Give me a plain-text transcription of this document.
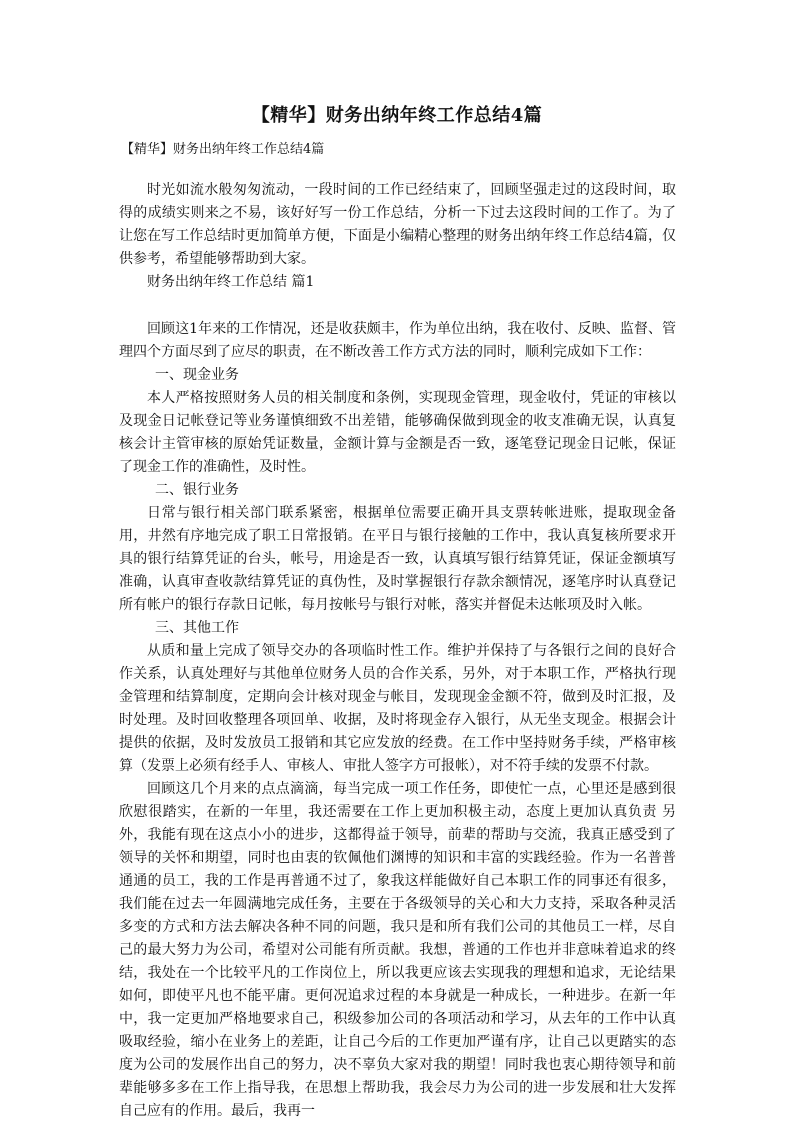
【精华】财务出纳年终工作总结4篇
【精华】财务出纳年终工作总结4篇

时光如流水般匆匆流动，一段时间的工作已经结束了，回顾坚强走过的这段时间，取得的成绩实则来之不易，该好好写一份工作总结，分析一下过去这段时间的工作了。为了让您在写工作总结时更加简单方便，下面是小编精心整理的财务出纳年终工作总结4篇，仅供参考，希望能够帮助到大家。

财务出纳年终工作总结 篇1

回顾这1年来的工作情况，还是收获颇丰，作为单位出纳，我在收付、反映、监督、管理四个方面尽到了应尽的职责，在不断改善工作方式方法的同时，顺利完成如下工作：

一、现金业务

本人严格按照财务人员的相关制度和条例，实现现金管理，现金收付，凭证的审核以及现金日记帐登记等业务谨慎细致不出差错，能够确保做到现金的收支准确无误，认真复核会计主管审核的原始凭证数量，金额计算与金额是否一致，逐笔登记现金日记帐，保证了现金工作的准确性，及时性。

二、银行业务

日常与银行相关部门联系紧密，根据单位需要正确开具支票转帐进账，提取现金备用，井然有序地完成了职工日常报销。在平日与银行接触的工作中，我认真复核所要求开具的银行结算凭证的台头，帐号，用途是否一致，认真填写银行结算凭证，保证金额填写准确，认真审查收款结算凭证的真伪性，及时掌握银行存款余额情况，逐笔序时认真登记所有帐户的银行存款日记帐，每月按帐号与银行对帐，落实并督促未达帐项及时入帐。

三、其他工作

从质和量上完成了领导交办的各项临时性工作。维护并保持了与各银行之间的良好合作关系，认真处理好与其他单位财务人员的合作关系，另外，对于本职工作，严格执行现金管理和结算制度，定期向会计核对现金与帐目，发现现金金额不符，做到及时汇报，及时处理。及时回收整理各项回单、收据，及时将现金存入银行，从无坐支现金。根据会计提供的依据，及时发放员工报销和其它应发放的经费。在工作中坚持财务手续，严格审核算（发票上必须有经手人、审核人、审批人签字方可报帐），对不符手续的发票不付款。

回顾这几个月来的点点滴滴，每当完成一项工作任务，即使忙一点，心里还是感到很欣慰很踏实，在新的一年里，我还需要在工作上更加积极主动，态度上更加认真负责 另外，我能有现在这点小小的进步，这都得益于领导，前辈的帮助与交流，我真正感受到了领导的关怀和期望，同时也由衷的钦佩他们渊博的知识和丰富的实践经验。作为一名普普通通的员工，我的工作是再普通不过了，象我这样能做好自己本职工作的同事还有很多，我们能在过去一年圆满地完成任务，主要在于各级领导的关心和大力支持，采取各种灵活多变的方式和方法去解决各种不同的问题，我只是和所有我们公司的其他员工一样，尽自己的最大努力为公司，希望对公司能有所贡献。我想，普通的工作也并非意味着追求的终结，我处在一个比较平凡的工作岗位上，所以我更应该去实现我的理想和追求，无论结果如何，即使平凡也不能平庸。更何况追求过程的本身就是一种成长，一种进步。在新一年中，我一定更加严格地要求自己，积级参加公司的各项活动和学习，从去年的工作中认真吸取经验，缩小在业务上的差距，让自己今后的工作更加严谨有序，让自己以更踏实的态度为公司的发展作出自己的努力，决不辜负大家对我的期望！同时我也衷心期待领导和前辈能够多多在工作上指导我，在思想上帮助我，我会尽力为公司的进一步发展和壮大发挥自己应有的作用。最后，我再一
